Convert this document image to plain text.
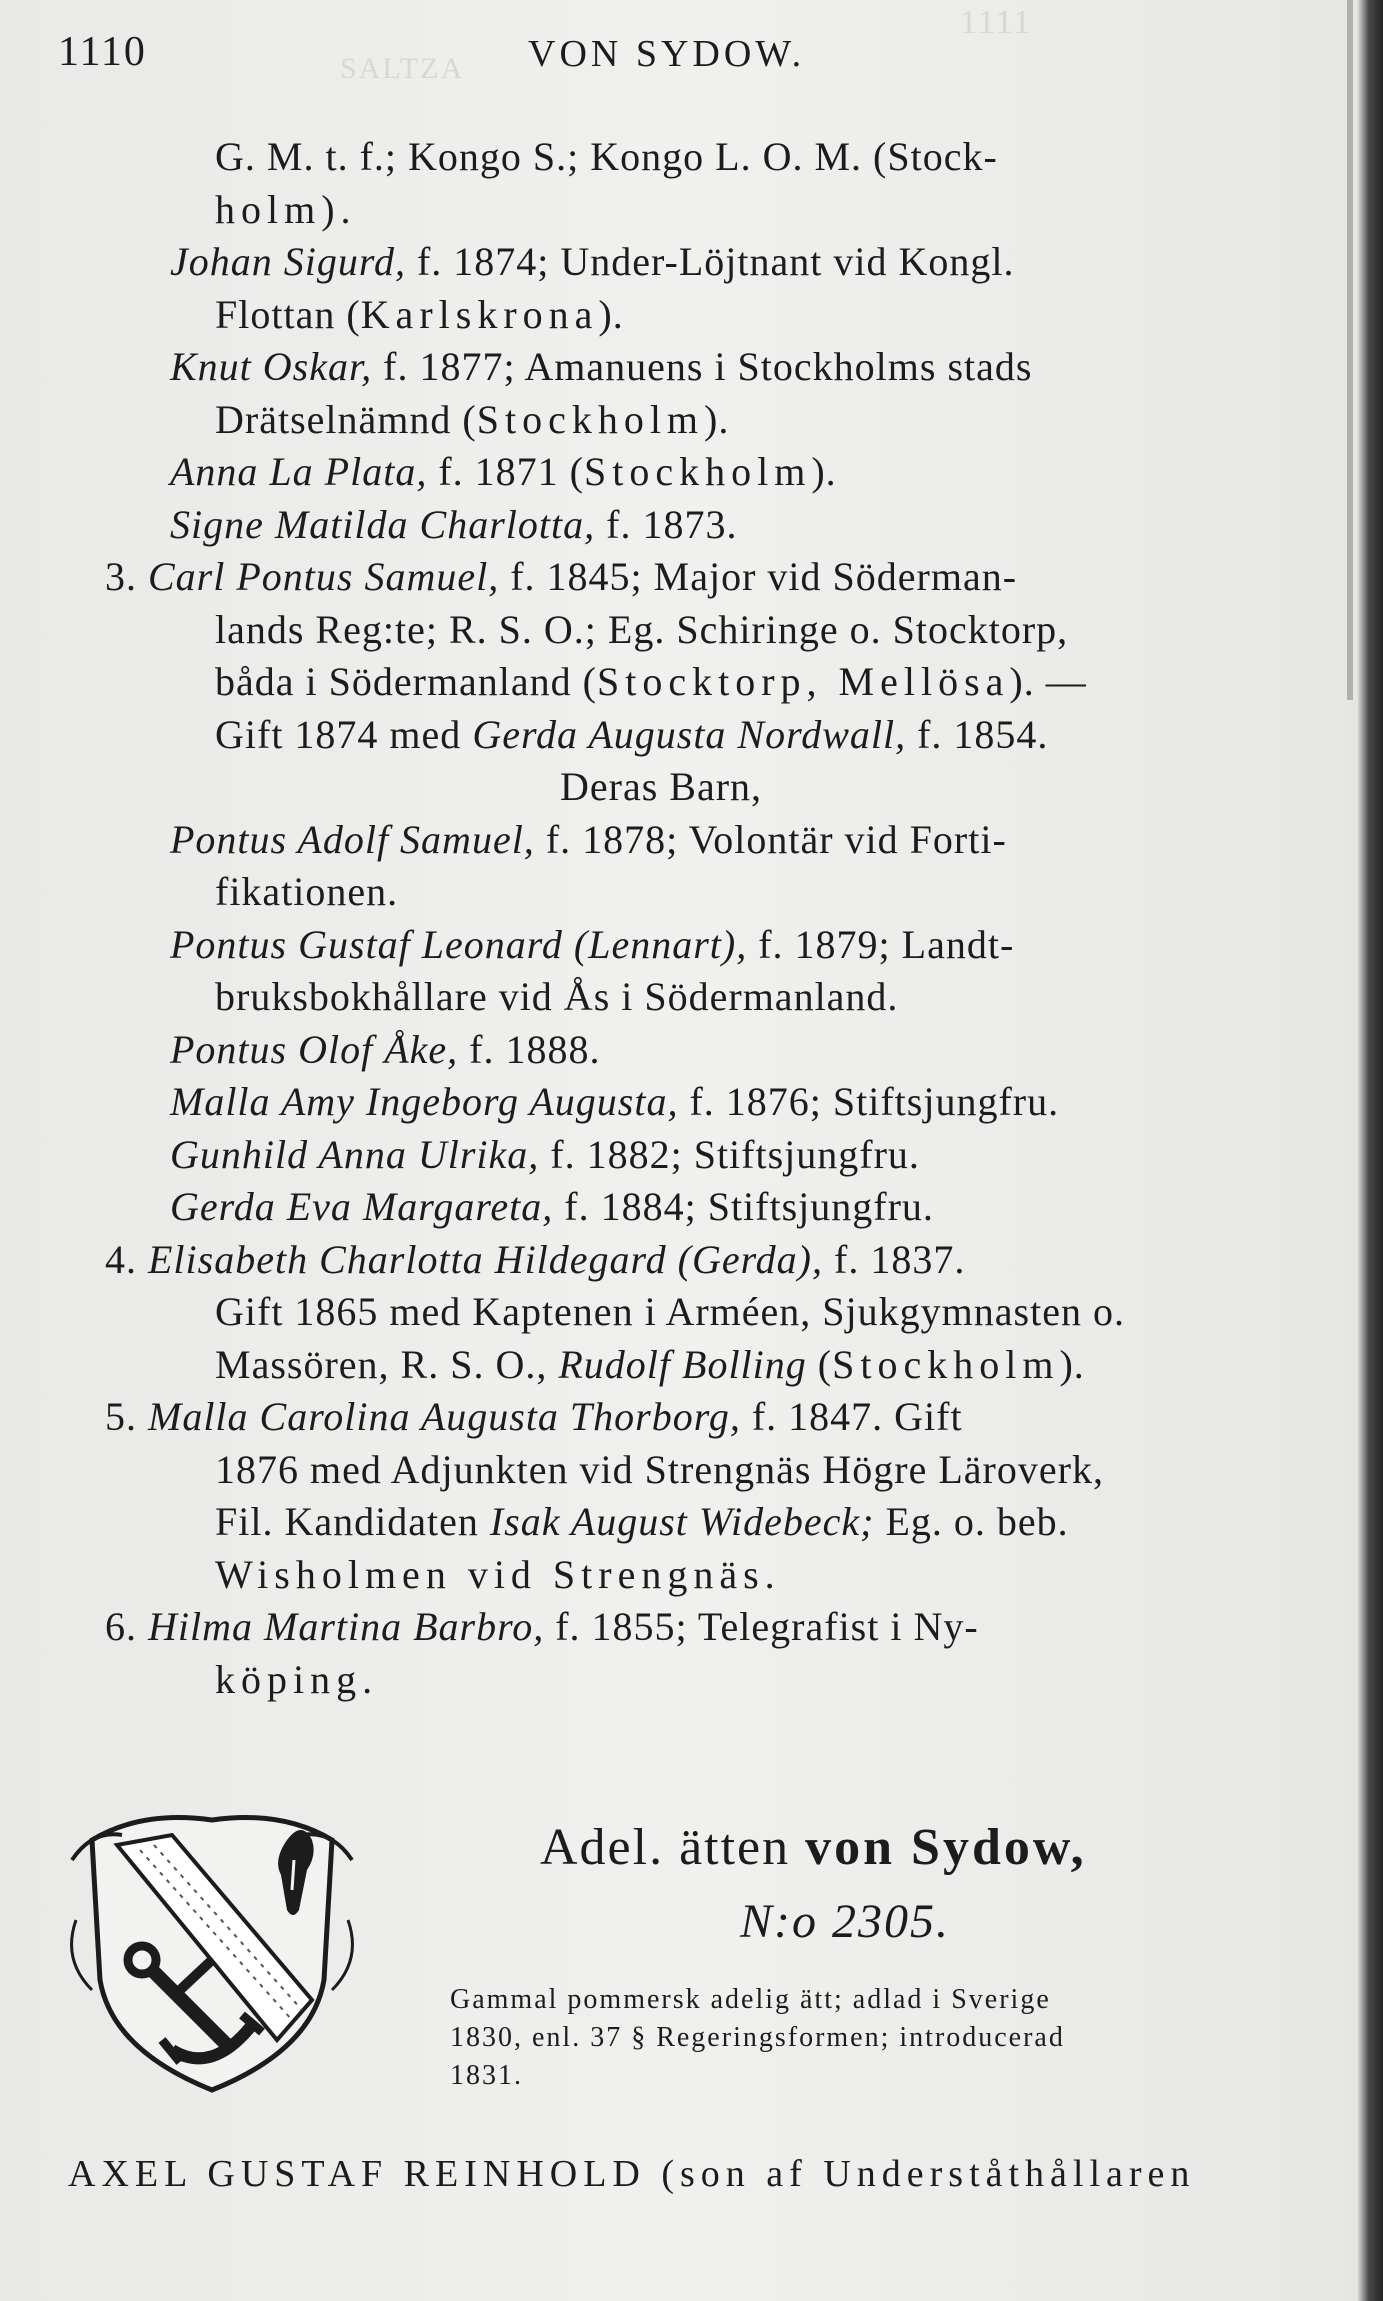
1111
SALTZA
1110	VON SYDOW.
G. M. t. f.; Kongo S.; Kongo L. O. M. (Stock-
holm).
Johan Sigurd, f. 1874; Under-Löjtnant vid Kongl.
Flottan (Karlskrona).
Knut Oskar, f. 1877; Amanuens i Stockholms stads
Drätselnämnd (Stockholm).
Anna La Plata, f. 1871 (Stockholm).
Signe Matilda Charlotta, f. 1873.
3. Carl Pontus Samuel, f. 1845; Major vid Söderman-
lands Reg:te; R. S. O.; Eg. Schiringe o. Stocktorp,
båda i Södermanland (Stocktorp, Mellösa). —
Gift 1874 med Gerda Augusta Nordwall, f. 1854.
Deras Barn,
Pontus Adolf Samuel, f. 1878; Volontär vid Forti-
fikationen.
Pontus Gustaf Leonard (Lennart), f. 1879; Landt-
bruksbokhållare vid Ås i Södermanland.
Pontus Olof Åke, f. 1888.
Malla Amy Ingeborg Augusta, f. 1876; Stiftsjungfru.
Gunhild Anna Ulrika, f. 1882; Stiftsjungfru.
Gerda Eva Margareta, f. 1884; Stiftsjungfru.
4. Elisabeth Charlotta Hildegard (Gerda), f. 1837.
Gift 1865 med Kaptenen i Arméen, Sjukgymnasten o.
Massören, R. S. O., Rudolf Bolling (Stockholm).
5. Malla Carolina Augusta Thorborg, f. 1847. Gift
1876 med Adjunkten vid Strengnäs Högre Läroverk,
Fil. Kandidaten Isak August Widebeck; Eg. o. beb.
Wisholmen vid Strengnäs.
6. Hilma Martina Barbro, f. 1855; Telegrafist i Ny-
köping.
Adel. ätten von Sydow,
N:o 2305.
Gammal pommersk adelig ätt; adlad i Sverige
1830, enl. 37 § Regeringsformen; introducerad
1831.
AXEL GUSTAF REINHOLD (son af Underståthållaren
